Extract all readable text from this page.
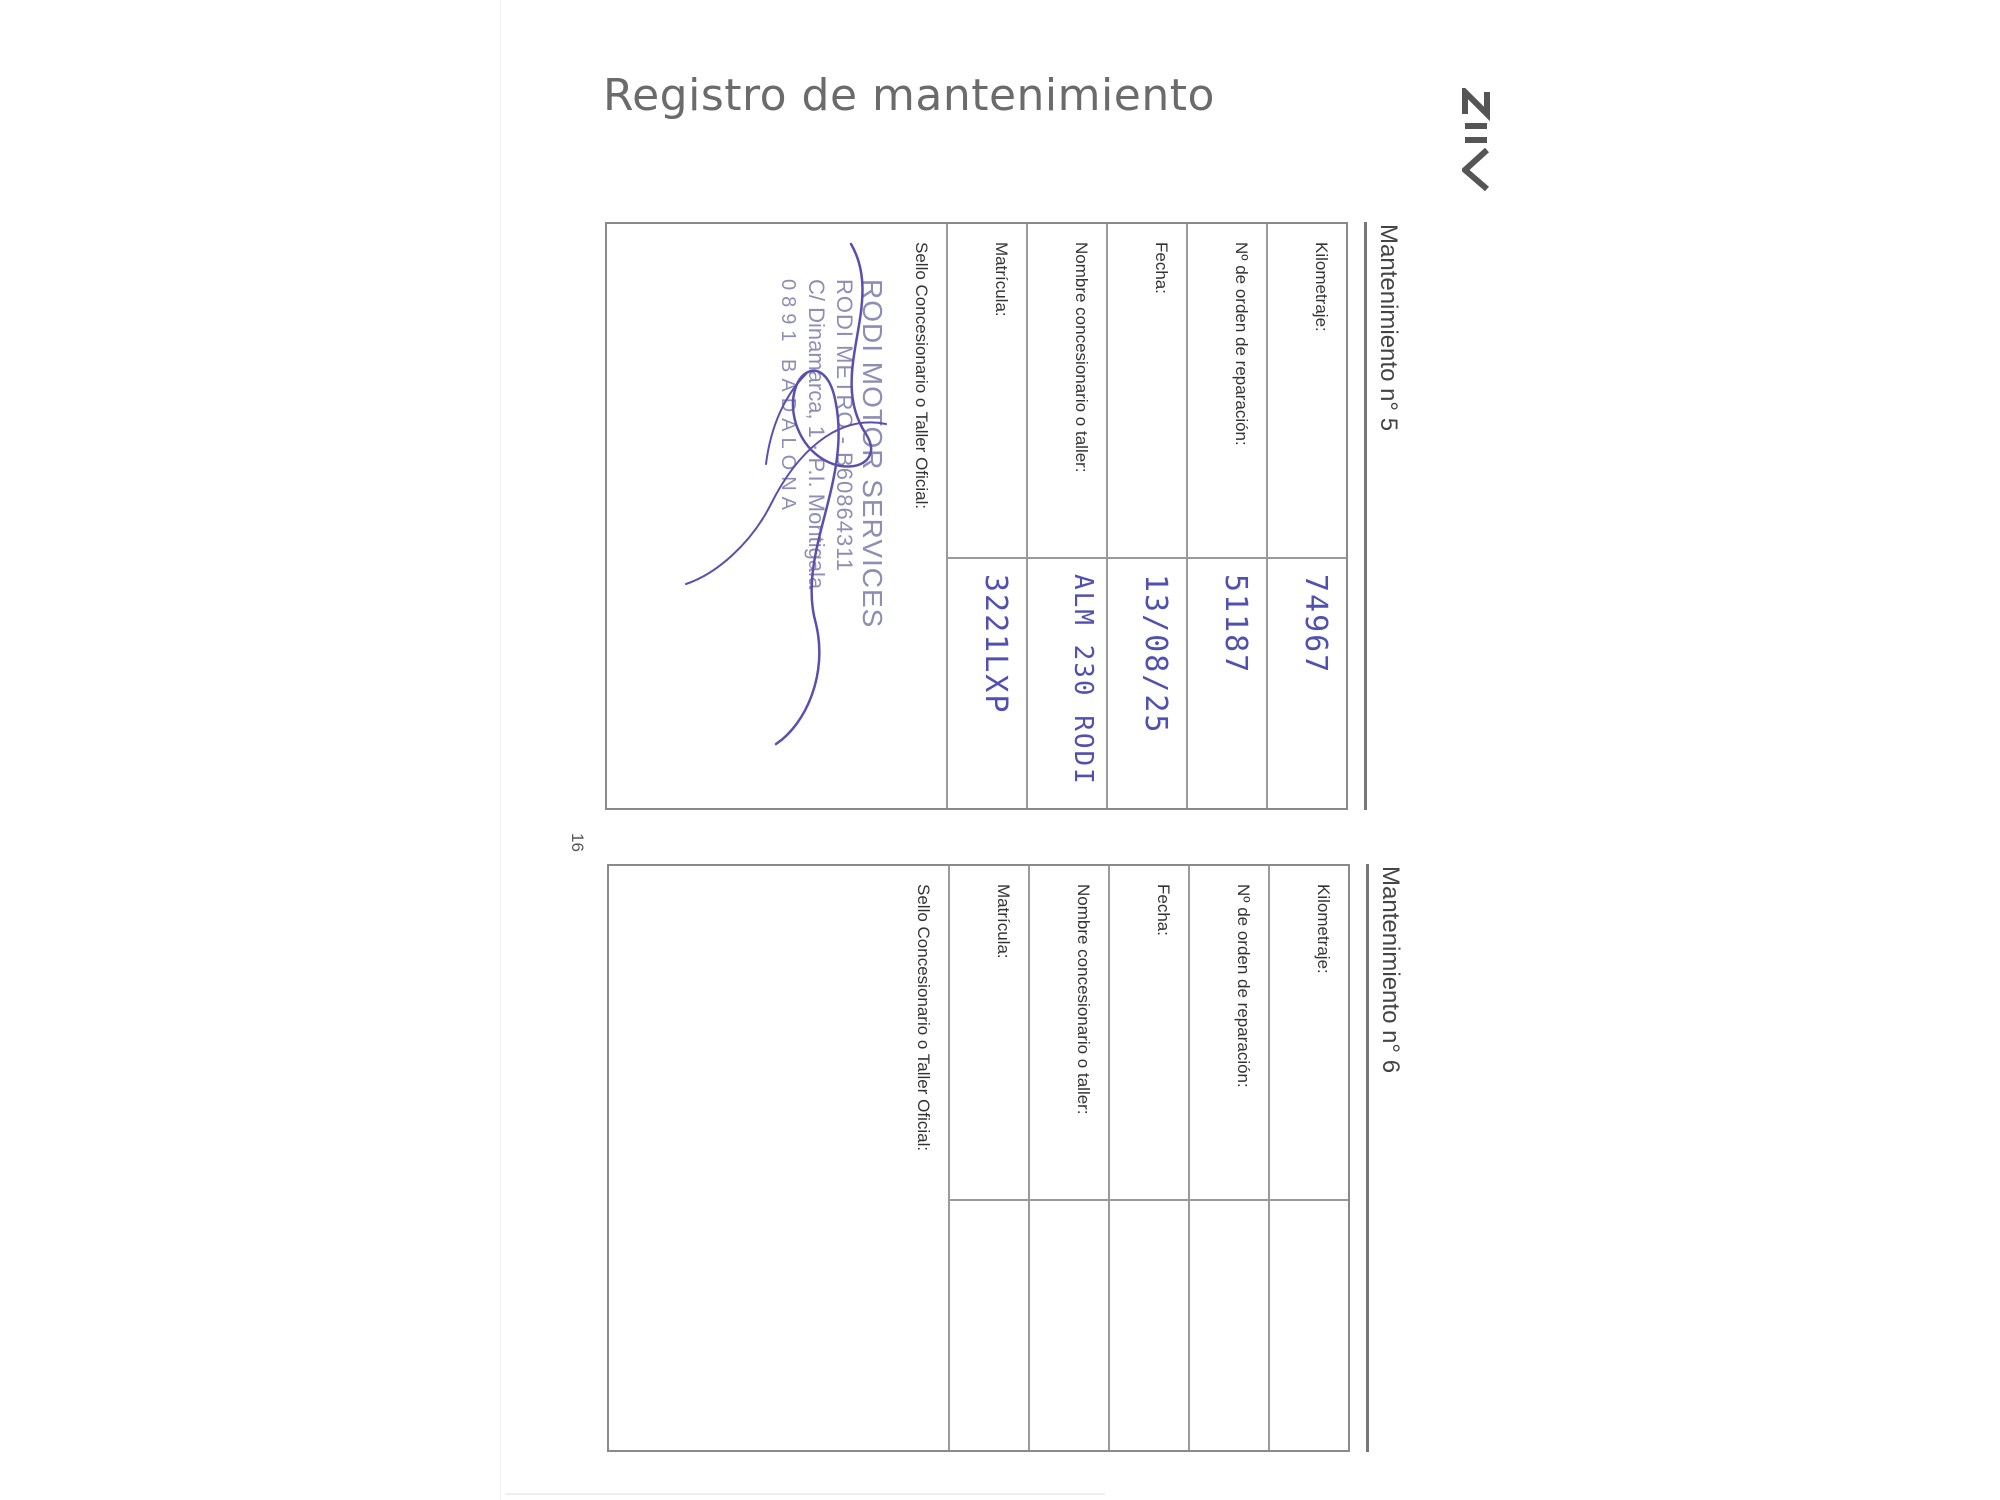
Registro de mantenimiento
16
Mantenimiento n° 5
Kilometraje:
74967
Nº de orden de reparación:
51187
Fecha:
13/08/25
Nombre concesionario o taller:
ALM 230 RODI
Matrícula:
3221LXP
Sello Concesionario o Taller Oficial:
RODI MOTOR SERVICES
RODI METRO - B60864311
C/ Dinamarca, 1 · P.I. Montigala
0891 BADALONA
Mantenimiento n° 6
Kilometraje:
Nº de orden de reparación:
Fecha:
Nombre concesionario o taller:
Matrícula:
Sello Concesionario o Taller Oficial:
